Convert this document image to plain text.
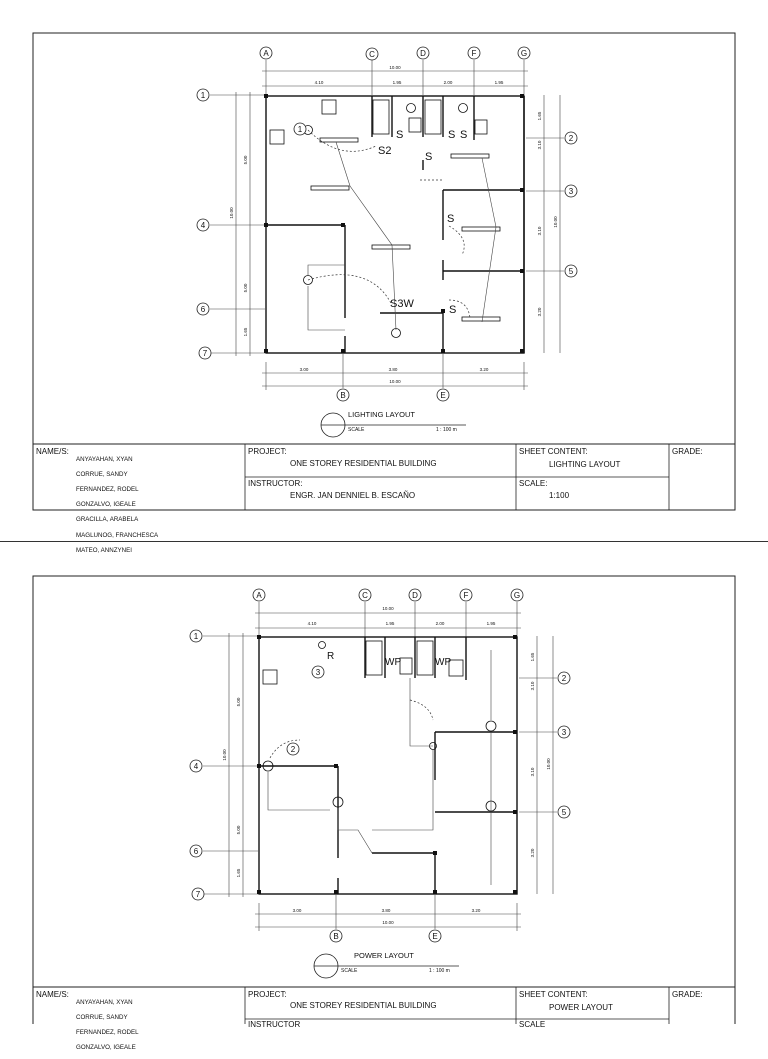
A	C	D	F	G
10.00
4.10	1.95	2.00	1.95
1
4
6
7
10.00
5.00
5.00
1.65
2
3
5
1.65
3.10
3.10
3.20
10.00
B	E
3.00	3.80	3.20
10.00
S	S S
S2	S
S
S3W	S
1
LIGHTING LAYOUT
SCALE	1 : 100 m
NAME/S:

ANYAYAHAN, XYAN

CORRUE, SANDY

FERNANDEZ, RODEL

GONZALVO, IGEALE

GRACILLA, ARABELA

MAGLUNOG, FRANCHESCA

MATEO, ANNZYNEI

PROJECT:
ONE STOREY RESIDENTIAL BUILDING
INSTRUCTOR:
ENGR. JAN DENNIEL B. ESCAÑO
SHEET CONTENT:
LIGHTING LAYOUT
SCALE:
1:100
GRADE:
A	C	D	F	G
10.00
4.10	1.95	2.00	1.95
1
4
6
7
10.00
5.00
5.00
1.65
2
3
5
1.65
3.10
3.10
3.20
10.00
B	E
3.00	3.80	3.20
10.00
R
WP	WP
3
2
POWER LAYOUT
SCALE	1 : 100 m
NAME/S:

ANYAYAHAN, XYAN

CORRUE, SANDY

FERNANDEZ, RODEL

GONZALVO, IGEALE

PROJECT:
ONE STOREY RESIDENTIAL BUILDING
INSTRUCTOR
SHEET CONTENT:
POWER LAYOUT
SCALE
GRADE:
